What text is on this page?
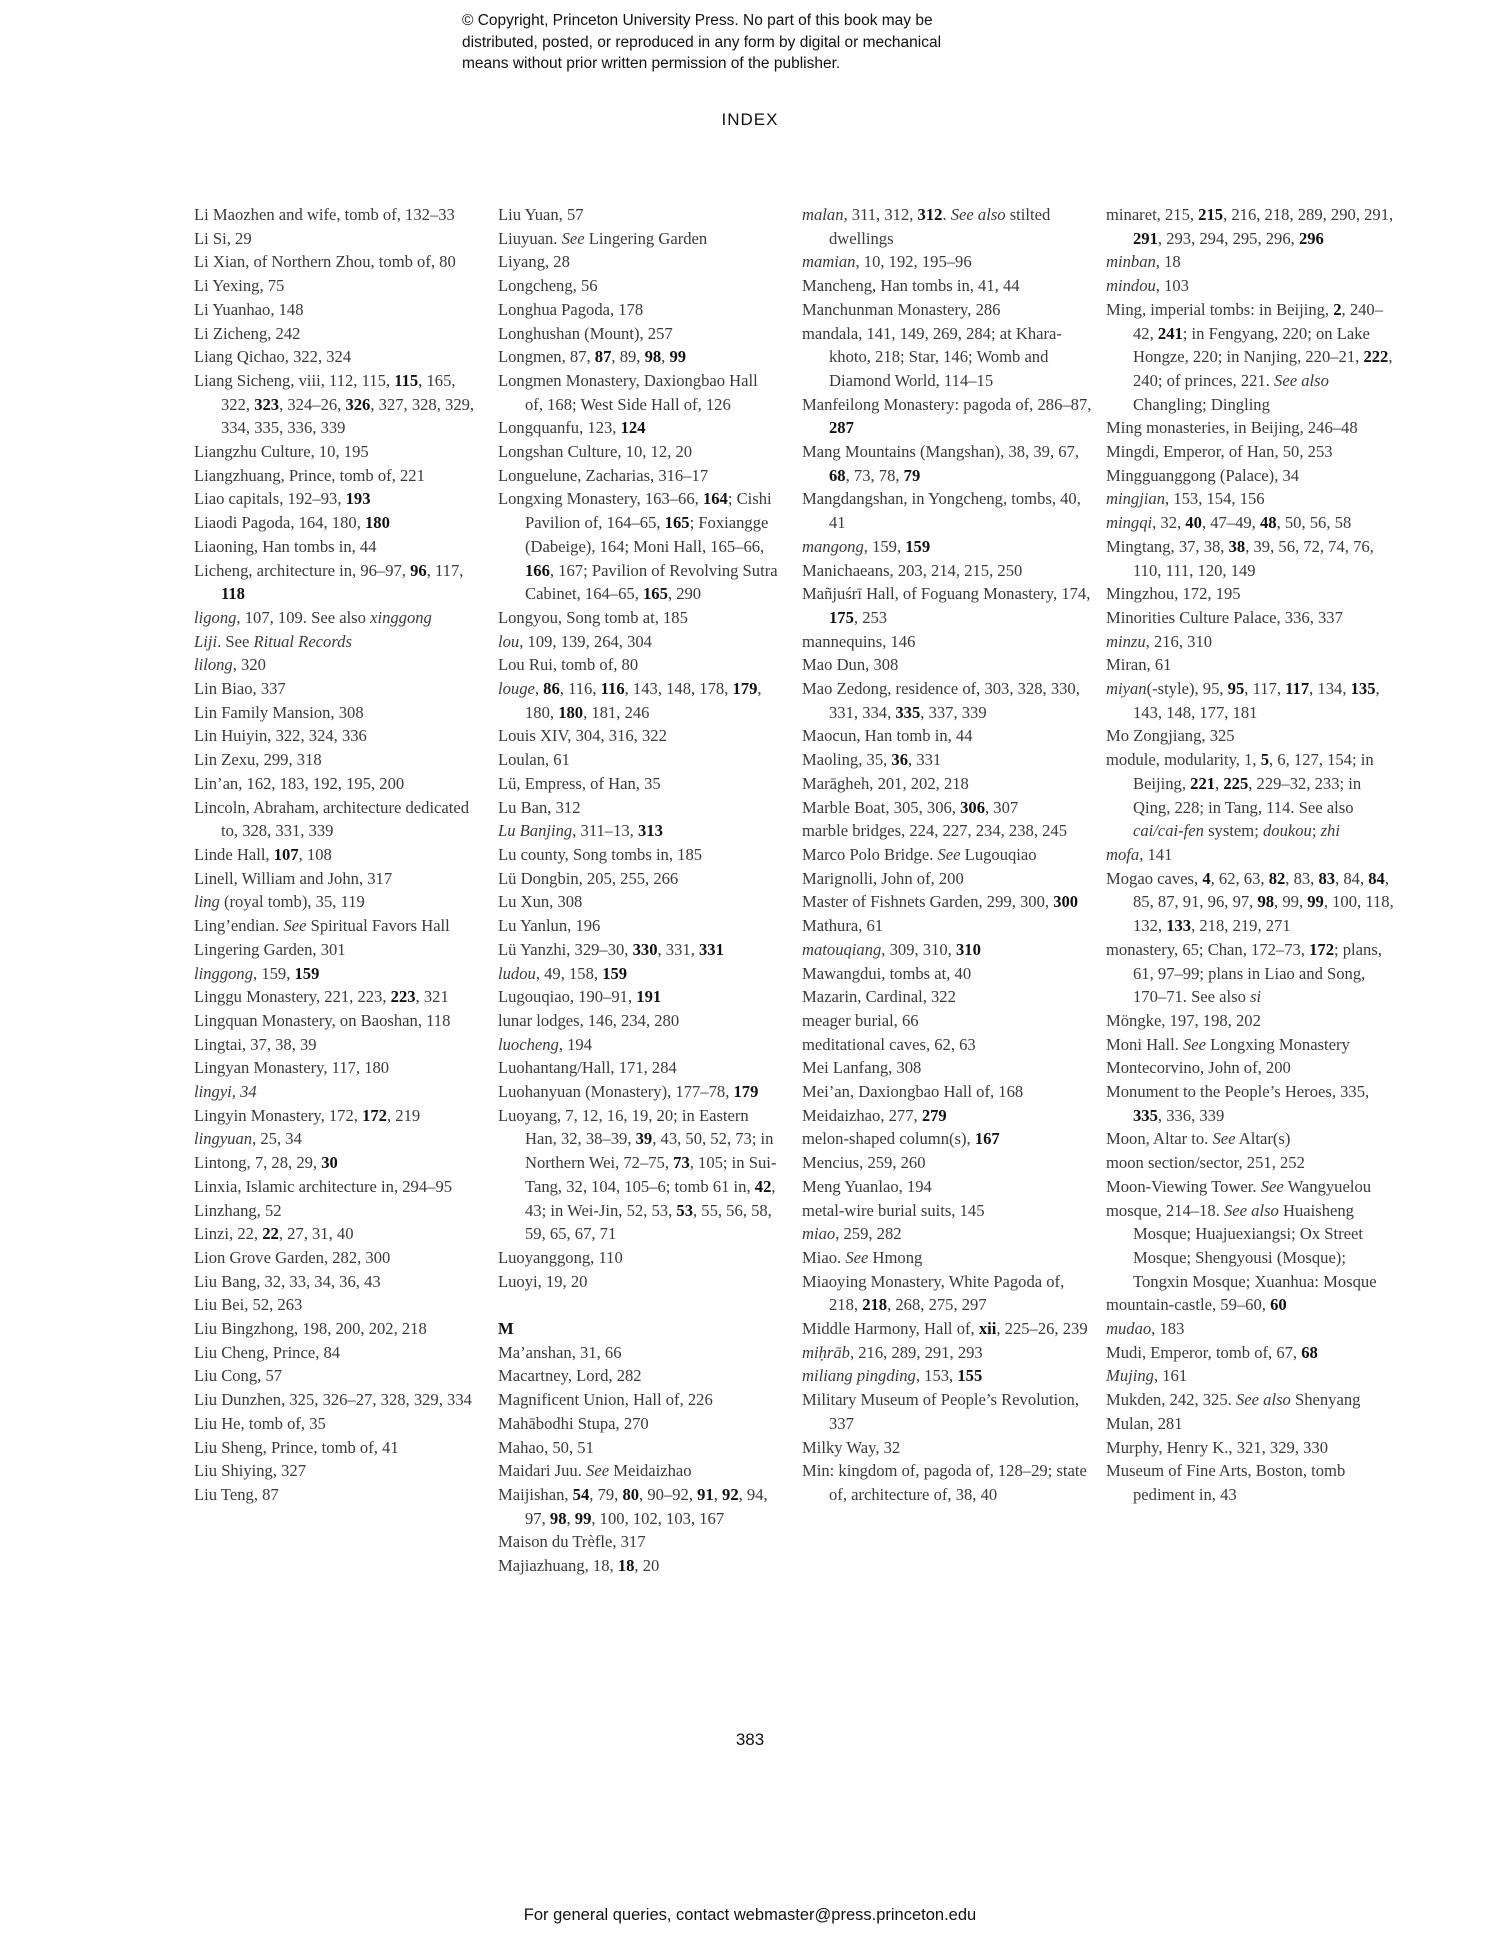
© Copyright, Princeton University Press. No part of this book may be
distributed, posted, or reproduced in any form by digital or mechanical
means without prior written permission of the publisher.
INDEX
Li Maozhen and wife, tomb of, 132–33
Li Si, 29
Li Xian, of Northern Zhou, tomb of, 80
Li Yexing, 75
Li Yuanhao, 148
Li Zicheng, 242
Liang Qichao, 322, 324
Liang Sicheng, viii, 112, 115, 115, 165, 322, 323, 324–26, 326, 327, 328, 329, 334, 335, 336, 339
Liangzhu Culture, 10, 195
Liangzhuang, Prince, tomb of, 221
Liao capitals, 192–93, 193
Liaodi Pagoda, 164, 180, 180
Liaoning, Han tombs in, 44
Licheng, architecture in, 96–97, 96, 117, 118
ligong, 107, 109. See also xinggong
Liji. See Ritual Records
lilong, 320
Lin Biao, 337
Lin Family Mansion, 308
Lin Huiyin, 322, 324, 336
Lin Zexu, 299, 318
Lin’an, 162, 183, 192, 195, 200
Lincoln, Abraham, architecture dedicated to, 328, 331, 339
Linde Hall, 107, 108
Linell, William and John, 317
ling (royal tomb), 35, 119
Ling’endian. See Spiritual Favors Hall
Lingering Garden, 301
linggong, 159, 159
Linggu Monastery, 221, 223, 223, 321
Lingquan Monastery, on Baoshan, 118
Lingtai, 37, 38, 39
Lingyan Monastery, 117, 180
lingyi, 34
Lingyin Monastery, 172, 172, 219
lingyuan, 25, 34
Lintong, 7, 28, 29, 30
Linxia, Islamic architecture in, 294–95
Linzhang, 52
Linzi, 22, 22, 27, 31, 40
Lion Grove Garden, 282, 300
Liu Bang, 32, 33, 34, 36, 43
Liu Bei, 52, 263
Liu Bingzhong, 198, 200, 202, 218
Liu Cheng, Prince, 84
Liu Cong, 57
Liu Dunzhen, 325, 326–27, 328, 329, 334
Liu He, tomb of, 35
Liu Sheng, Prince, tomb of, 41
Liu Shiying, 327
Liu Teng, 87
Liu Yuan, 57
Liuyuan. See Lingering Garden
Liyang, 28
Longcheng, 56
Longhua Pagoda, 178
Longhushan (Mount), 257
Longmen, 87, 87, 89, 98, 99
Longmen Monastery, Daxiongbao Hall of, 168; West Side Hall of, 126
Longquanfu, 123, 124
Longshan Culture, 10, 12, 20
Longuelune, Zacharias, 316–17
Longxing Monastery, 163–66, 164; Cishi Pavilion of, 164–65, 165; Foxiangge (Dabeige), 164; Moni Hall, 165–66, 166, 167; Pavilion of Revolving Sutra Cabinet, 164–65, 165, 290
Longyou, Song tomb at, 185
lou, 109, 139, 264, 304
Lou Rui, tomb of, 80
louge, 86, 116, 116, 143, 148, 178, 179, 180, 180, 181, 246
Louis XIV, 304, 316, 322
Loulan, 61
Lü, Empress, of Han, 35
Lu Ban, 312
Lu Banjing, 311–13, 313
Lu county, Song tombs in, 185
Lü Dongbin, 205, 255, 266
Lu Xun, 308
Lu Yanlun, 196
Lü Yanzhi, 329–30, 330, 331, 331
ludou, 49, 158, 159
Lugouqiao, 190–91, 191
lunar lodges, 146, 234, 280
luocheng, 194
Luohantang/Hall, 171, 284
Luohanyuan (Monastery), 177–78, 179
Luoyang, 7, 12, 16, 19, 20; in Eastern Han, 32, 38–39, 39, 43, 50, 52, 73; in Northern Wei, 72–75, 73, 105; in Sui-Tang, 32, 104, 105–6; tomb 61 in, 42, 43; in Wei-Jin, 52, 53, 53, 55, 56, 58, 59, 65, 67, 71
Luoyanggong, 110
Luoyi, 19, 20
M
Ma’anshan, 31, 66
Macartney, Lord, 282
Magnificent Union, Hall of, 226
Mahābodhi Stupa, 270
Mahao, 50, 51
Maidari Juu. See Meidaizhao
Maijishan, 54, 79, 80, 90–92, 91, 92, 94, 97, 98, 99, 100, 102, 103, 167
Maison du Trèfle, 317
Majiazhuang, 18, 18, 20
malan, 311, 312, 312. See also stilted dwellings
mamian, 10, 192, 195–96
Mancheng, Han tombs in, 41, 44
Manchunman Monastery, 286
mandala, 141, 149, 269, 284; at Khara-khoto, 218; Star, 146; Womb and Diamond World, 114–15
Manfeilong Monastery: pagoda of, 286–87, 287
Mang Mountains (Mangshan), 38, 39, 67, 68, 73, 78, 79
Mangdangshan, in Yongcheng, tombs, 40, 41
mangong, 159, 159
Manichaeans, 203, 214, 215, 250
Mañjuśrī Hall, of Foguang Monastery, 174, 175, 253
mannequins, 146
Mao Dun, 308
Mao Zedong, residence of, 303, 328, 330, 331, 334, 335, 337, 339
Maocun, Han tomb in, 44
Maoling, 35, 36, 331
Marāgheh, 201, 202, 218
Marble Boat, 305, 306, 306, 307
marble bridges, 224, 227, 234, 238, 245
Marco Polo Bridge. See Lugouqiao
Marignolli, John of, 200
Master of Fishnets Garden, 299, 300, 300
Mathura, 61
matouqiang, 309, 310, 310
Mawangdui, tombs at, 40
Mazarin, Cardinal, 322
meager burial, 66
meditational caves, 62, 63
Mei Lanfang, 308
Mei’an, Daxiongbao Hall of, 168
Meidaizhao, 277, 279
melon-shaped column(s), 167
Mencius, 259, 260
Meng Yuanlao, 194
metal-wire burial suits, 145
miao, 259, 282
Miao. See Hmong
Miaoying Monastery, White Pagoda of, 218, 218, 268, 275, 297
Middle Harmony, Hall of, xii, 225–26, 239
miḥrāb, 216, 289, 291, 293
miliang pingding, 153, 155
Military Museum of People’s Revolution, 337
Milky Way, 32
Min: kingdom of, pagoda of, 128–29; state of, architecture of, 38, 40
minaret, 215, 215, 216, 218, 289, 290, 291, 291, 293, 294, 295, 296, 296
minban, 18
mindou, 103
Ming, imperial tombs: in Beijing, 2, 240–42, 241; in Fengyang, 220; on Lake Hongze, 220; in Nanjing, 220–21, 222, 240; of princes, 221. See also Changling; Dingling
Ming monasteries, in Beijing, 246–48
Mingdi, Emperor, of Han, 50, 253
Mingguanggong (Palace), 34
mingjian, 153, 154, 156
mingqi, 32, 40, 47–49, 48, 50, 56, 58
Mingtang, 37, 38, 38, 39, 56, 72, 74, 76, 110, 111, 120, 149
Mingzhou, 172, 195
Minorities Culture Palace, 336, 337
minzu, 216, 310
Miran, 61
miyan(-style), 95, 95, 117, 117, 134, 135, 143, 148, 177, 181
Mo Zongjiang, 325
module, modularity, 1, 5, 6, 127, 154; in Beijing, 221, 225, 229–32, 233; in Qing, 228; in Tang, 114. See also cai/cai-fen system; doukou; zhi
mofa, 141
Mogao caves, 4, 62, 63, 82, 83, 83, 84, 84, 85, 87, 91, 96, 97, 98, 99, 99, 100, 118, 132, 133, 218, 219, 271
monastery, 65; Chan, 172–73, 172; plans, 61, 97–99; plans in Liao and Song, 170–71. See also si
Möngke, 197, 198, 202
Moni Hall. See Longxing Monastery
Montecorvino, John of, 200
Monument to the People’s Heroes, 335, 335, 336, 339
Moon, Altar to. See Altar(s)
moon section/sector, 251, 252
Moon-Viewing Tower. See Wangyuelou
mosque, 214–18. See also Huaisheng Mosque; Huajuexiangsi; Ox Street Mosque; Shengyousi (Mosque); Tongxin Mosque; Xuanhua: Mosque
mountain-castle, 59–60, 60
mudao, 183
Mudi, Emperor, tomb of, 67, 68
Mujing, 161
Mukden, 242, 325. See also Shenyang
Mulan, 281
Murphy, Henry K., 321, 329, 330
Museum of Fine Arts, Boston, tomb pediment in, 43
383
For general queries, contact webmaster@press.princeton.edu
